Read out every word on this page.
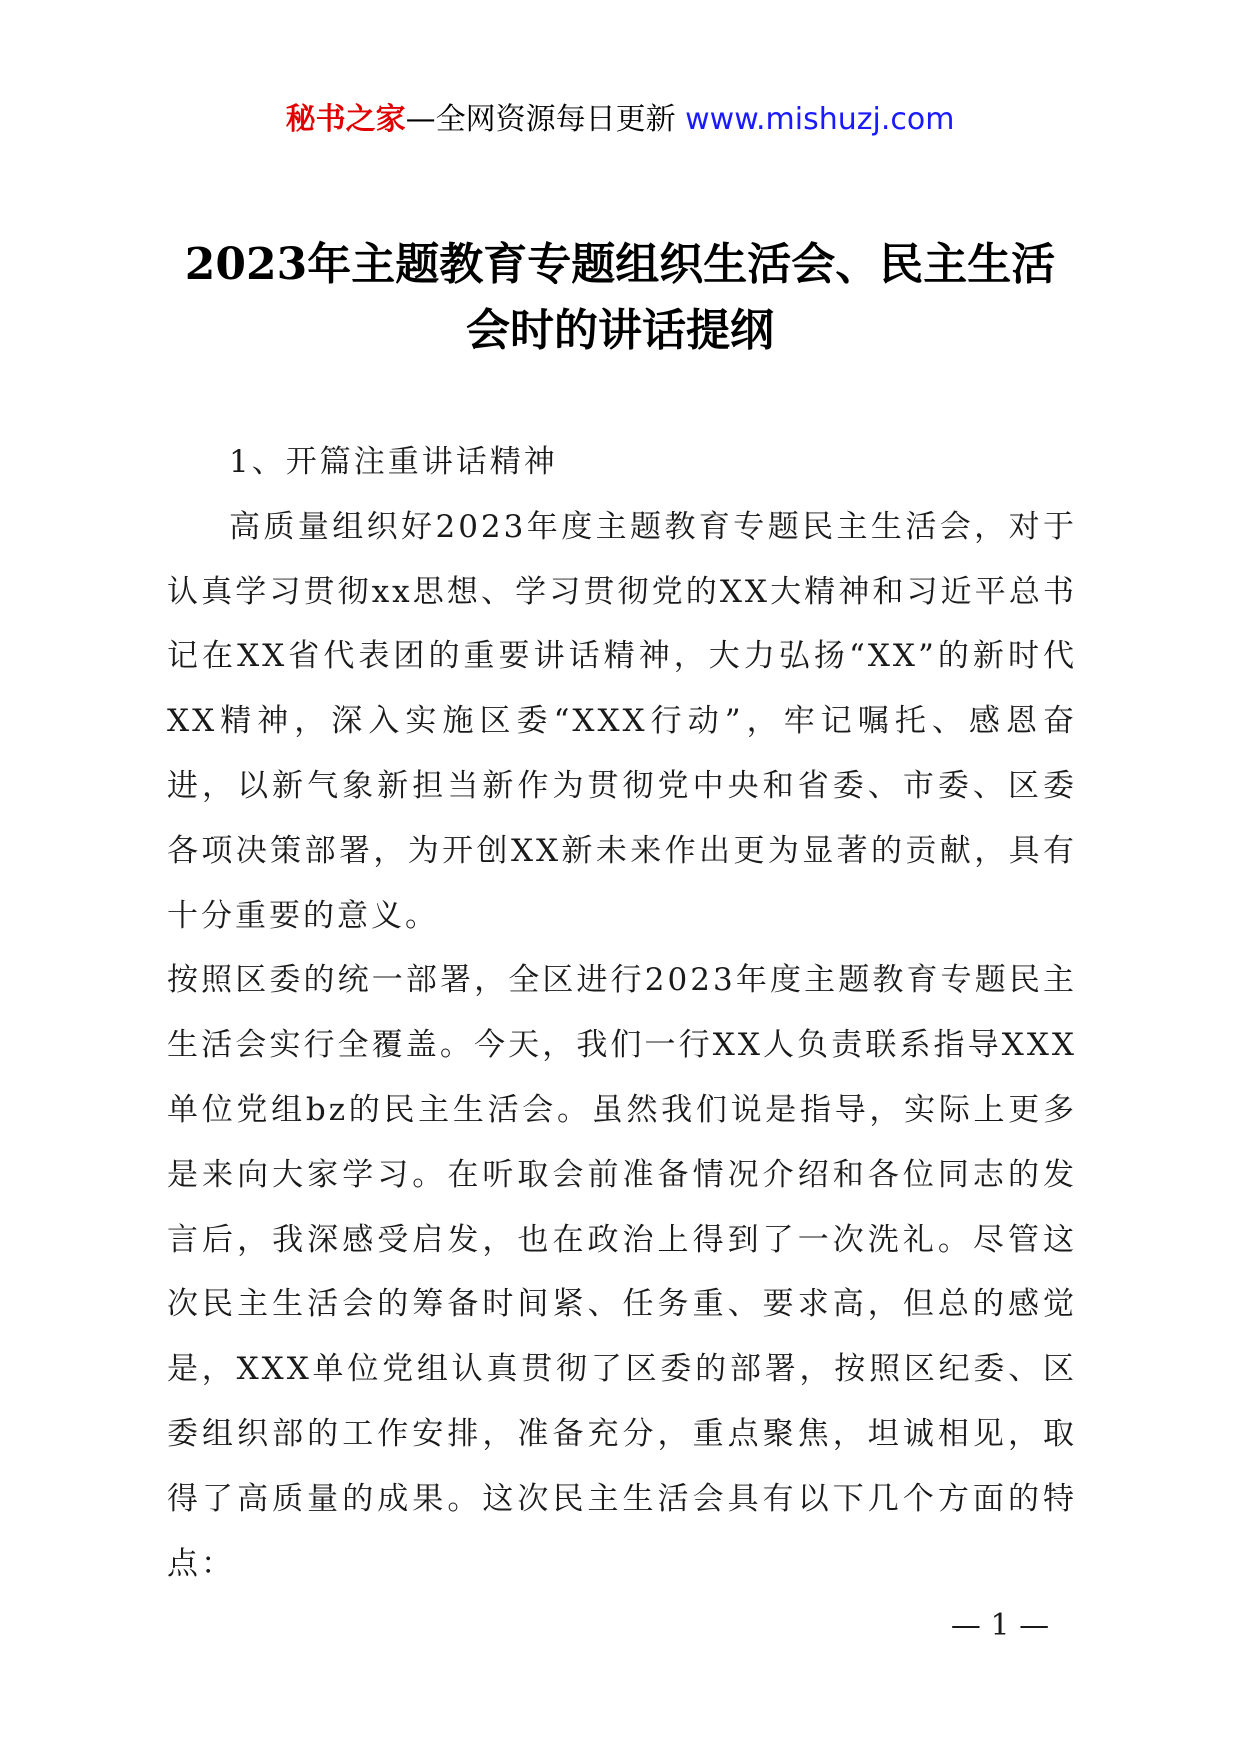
秘书之家—全网资源每日更新 www.mishuzj.com
2023年主题教育专题组织生活会、民主生活
会时的讲话提纲

1、开篇注重讲话精神

高质量组织好2023年度主题教育专题民主生活会，对于认真学习贯彻xx思想、学习贯彻党的XX大精神和习近平总书记在XX省代表团的重要讲话精神，大力弘扬“XX”的新时代XX精神，深入实施区委“XXX行动”，牢记嘱托、感恩奋进，以新气象新担当新作为贯彻党中央和省委、市委、区委各项决策部署，为开创XX新未来作出更为显著的贡献，具有十分重要的意义。

按照区委的统一部署，全区进行2023年度主题教育专题民主生活会实行全覆盖。今天，我们一行XX人负责联系指导XXX单位党组bz的民主生活会。虽然我们说是指导，实际上更多是来向大家学习。在听取会前准备情况介绍和各位同志的发言后，我深感受启发，也在政治上得到了一次洗礼。尽管这次民主生活会的筹备时间紧、任务重、要求高，但总的感觉是，XXX单位党组认真贯彻了区委的部署，按照区纪委、区委组织部的工作安排，准备充分，重点聚焦，坦诚相见，取得了高质量的成果。这次民主生活会具有以下几个方面的特点：

— 1 —
